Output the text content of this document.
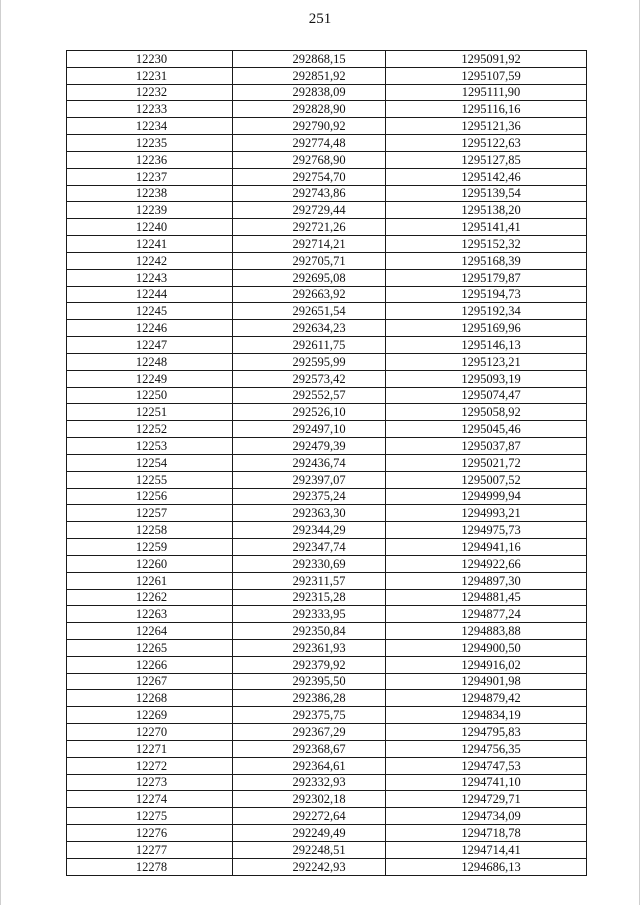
251
12230	292868,15	1295091,92
12231	292851,92	1295107,59
12232	292838,09	1295111,90
12233	292828,90	1295116,16
12234	292790,92	1295121,36
12235	292774,48	1295122,63
12236	292768,90	1295127,85
12237	292754,70	1295142,46
12238	292743,86	1295139,54
12239	292729,44	1295138,20
12240	292721,26	1295141,41
12241	292714,21	1295152,32
12242	292705,71	1295168,39
12243	292695,08	1295179,87
12244	292663,92	1295194,73
12245	292651,54	1295192,34
12246	292634,23	1295169,96
12247	292611,75	1295146,13
12248	292595,99	1295123,21
12249	292573,42	1295093,19
12250	292552,57	1295074,47
12251	292526,10	1295058,92
12252	292497,10	1295045,46
12253	292479,39	1295037,87
12254	292436,74	1295021,72
12255	292397,07	1295007,52
12256	292375,24	1294999,94
12257	292363,30	1294993,21
12258	292344,29	1294975,73
12259	292347,74	1294941,16
12260	292330,69	1294922,66
12261	292311,57	1294897,30
12262	292315,28	1294881,45
12263	292333,95	1294877,24
12264	292350,84	1294883,88
12265	292361,93	1294900,50
12266	292379,92	1294916,02
12267	292395,50	1294901,98
12268	292386,28	1294879,42
12269	292375,75	1294834,19
12270	292367,29	1294795,83
12271	292368,67	1294756,35
12272	292364,61	1294747,53
12273	292332,93	1294741,10
12274	292302,18	1294729,71
12275	292272,64	1294734,09
12276	292249,49	1294718,78
12277	292248,51	1294714,41
12278	292242,93	1294686,13
